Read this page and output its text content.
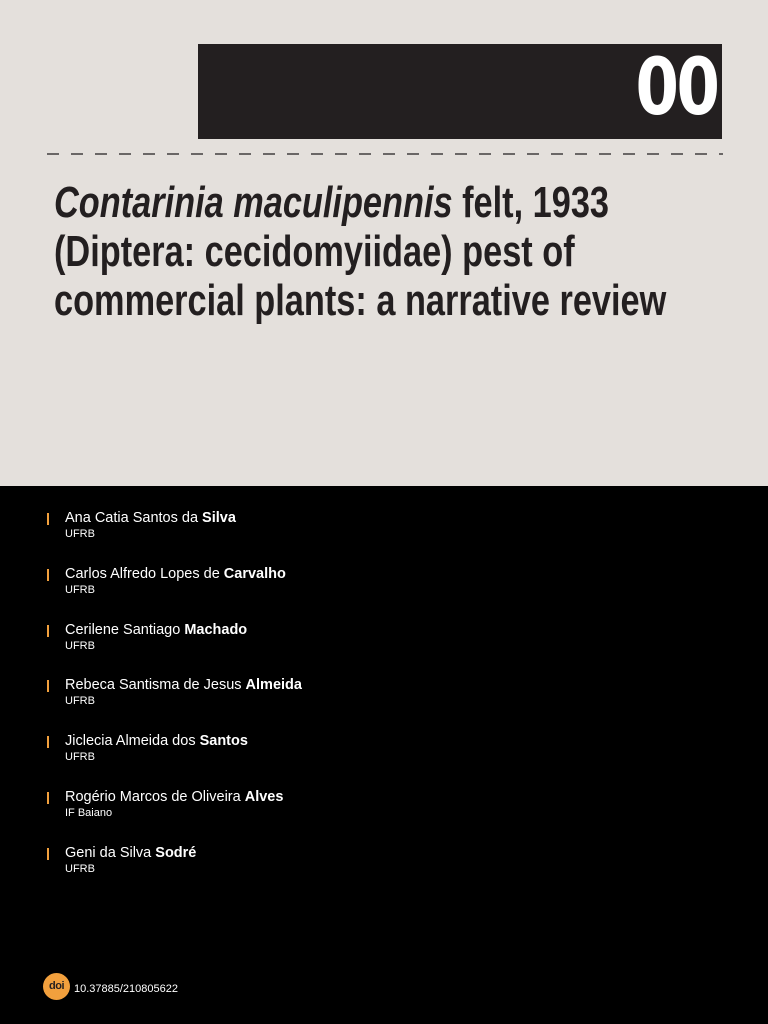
00
Contarinia maculipennis felt, 1933
(Diptera: cecidomyiidae) pest of
commercial plants: a narrative review
Ana Catia Santos da Silva
UFRB
Carlos Alfredo Lopes de Carvalho
UFRB
Cerilene Santiago Machado
UFRB
Rebeca Santisma de Jesus Almeida
UFRB
Jiclecia Almeida dos Santos
UFRB
Rogério Marcos de Oliveira Alves
IF Baiano
Geni da Silva Sodré
UFRB
doi 10.37885/210805622
